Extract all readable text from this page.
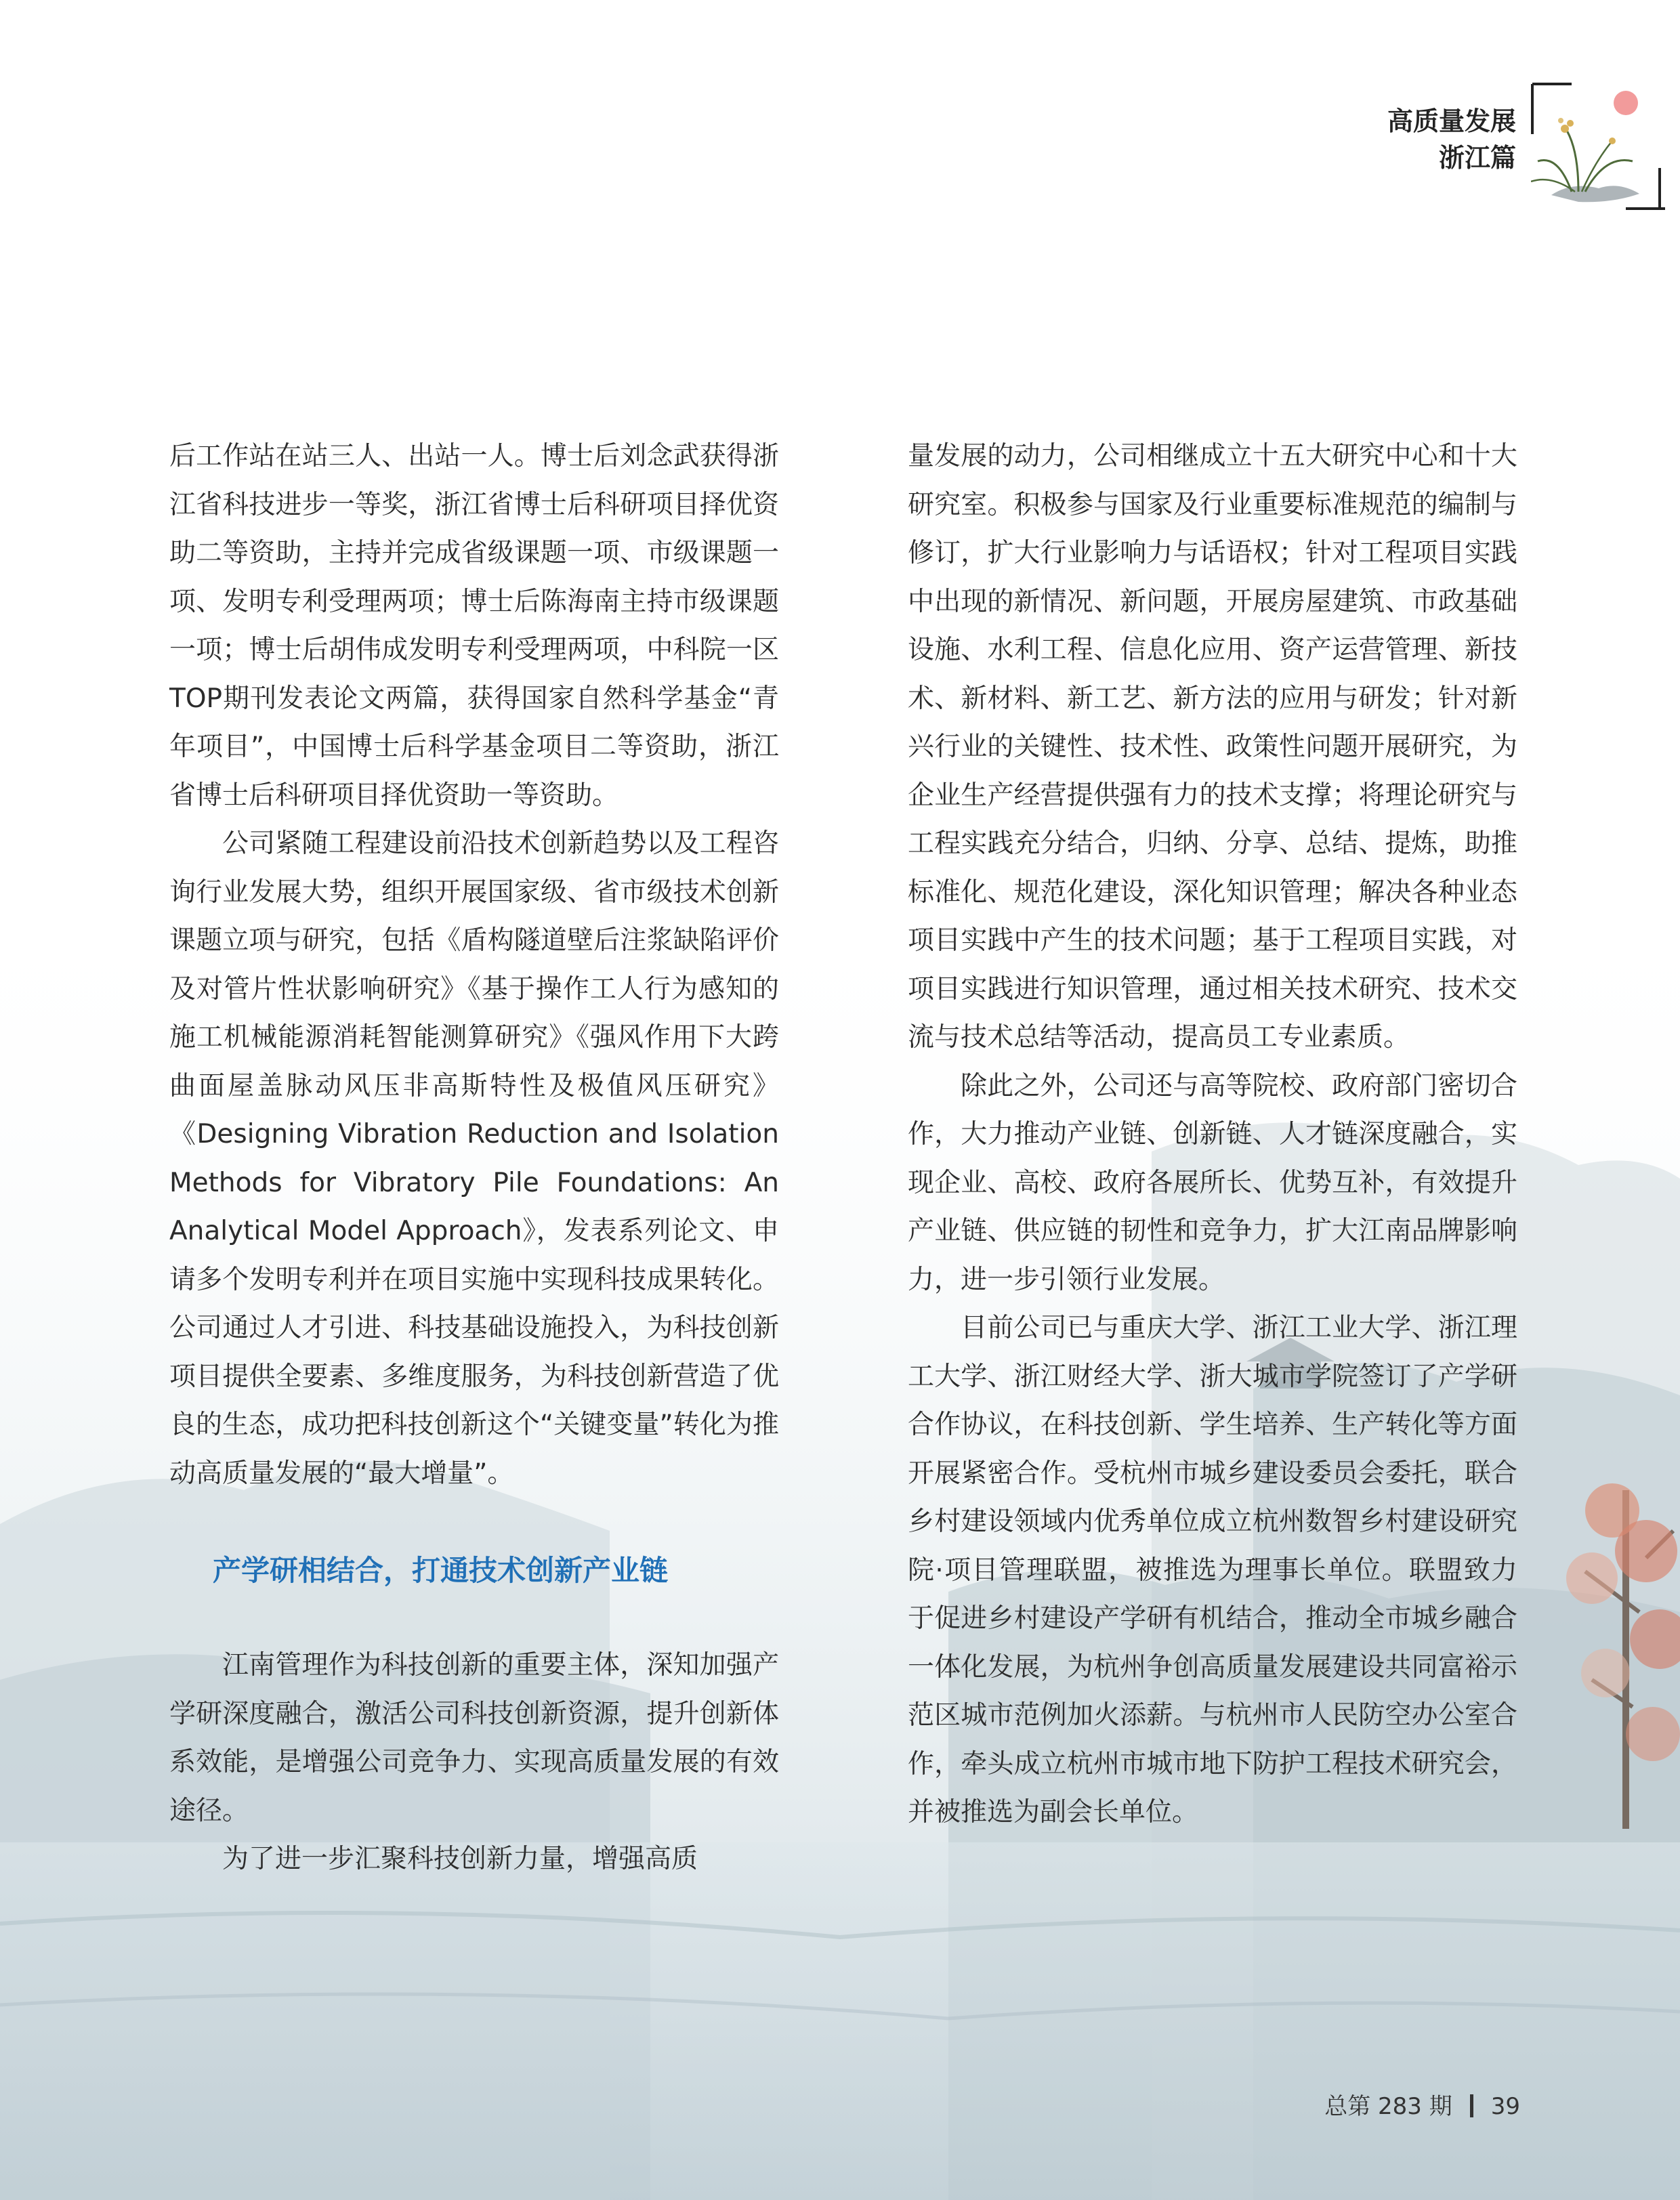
高质量发展
浙江篇

后工作站在站三人、出站一人。博士后刘念武获得浙江省科技进步一等奖，浙江省博士后科研项目择优资助二等资助，主持并完成省级课题一项、市级课题一项、发明专利受理两项；博士后陈海南主持市级课题一项；博士后胡伟成发明专利受理两项，中科院一区TOP期刊发表论文两篇，获得国家自然科学基金“青年项目”，中国博士后科学基金项目二等资助，浙江省博士后科研项目择优资助一等资助。

公司紧随工程建设前沿技术创新趋势以及工程咨询行业发展大势，组织开展国家级、省市级技术创新课题立项与研究，包括《盾构隧道壁后注浆缺陷评价及对管片性状影响研究》《基于操作工人行为感知的施工机械能源消耗智能测算研究》《强风作用下大跨曲面屋盖脉动风压非高斯特性及极值风压研究》《Designing Vibration Reduction and Isolation Methods for Vibratory Pile Foundations: An Analytical Model Approach》，发表系列论文、申请多个发明专利并在项目实施中实现科技成果转化。公司通过人才引进、科技基础设施投入，为科技创新项目提供全要素、多维度服务，为科技创新营造了优良的生态，成功把科技创新这个“关键变量”转化为推动高质量发展的“最大增量”。

产学研相结合，打通技术创新产业链

江南管理作为科技创新的重要主体，深知加强产学研深度融合，激活公司科技创新资源，提升创新体系效能，是增强公司竞争力、实现高质量发展的有效途径。

为了进一步汇聚科技创新力量，增强高质

量发展的动力，公司相继成立十五大研究中心和十大研究室。积极参与国家及行业重要标准规范的编制与修订，扩大行业影响力与话语权；针对工程项目实践中出现的新情况、新问题，开展房屋建筑、市政基础设施、水利工程、信息化应用、资产运营管理、新技术、新材料、新工艺、新方法的应用与研发；针对新兴行业的关键性、技术性、政策性问题开展研究，为企业生产经营提供强有力的技术支撑；将理论研究与工程实践充分结合，归纳、分享、总结、提炼，助推标准化、规范化建设，深化知识管理；解决各种业态项目实践中产生的技术问题；基于工程项目实践，对项目实践进行知识管理，通过相关技术研究、技术交流与技术总结等活动，提高员工专业素质。

除此之外，公司还与高等院校、政府部门密切合作，大力推动产业链、创新链、人才链深度融合，实现企业、高校、政府各展所长、优势互补，有效提升产业链、供应链的韧性和竞争力，扩大江南品牌影响力，进一步引领行业发展。

目前公司已与重庆大学、浙江工业大学、浙江理工大学、浙江财经大学、浙大城市学院签订了产学研合作协议，在科技创新、学生培养、生产转化等方面开展紧密合作。受杭州市城乡建设委员会委托，联合乡村建设领域内优秀单位成立杭州数智乡村建设研究院·项目管理联盟，被推选为理事长单位。联盟致力于促进乡村建设产学研有机结合，推动全市城乡融合一体化发展，为杭州争创高质量发展建设共同富裕示范区城市范例加火添薪。与杭州市人民防空办公室合作，牵头成立杭州市城市地下防护工程技术研究会，并被推选为副会长单位。

总第 283 期 39
